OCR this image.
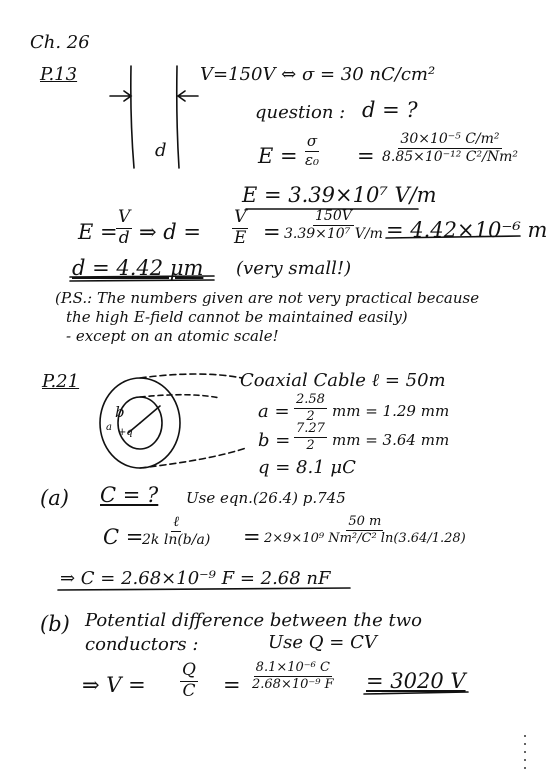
Ch. 26
P.13	V=150V ⇔ σ = 30 nC/cm²
d
question : d = ?
$E = \frac{\sigma}{\text{ε₀}} = \frac{\text{30×10⁻⁵ C/m²}}{\text{8.85×10⁻¹² C²/Nm²}}$
E = 3.39×10⁷ V/m
E =
$\frac{V}{d}$ ⇒ $d = \frac{V}{E} = \frac{150V}{\text{3.39×10⁷ V/m}} = 4.42\times 10^{-6}$ m
d = 4.42 μm (very small!)
(P.S.: The numbers given are not very practical because
the high E-field cannot be maintained easily)
- except on an atomic scale!
P.21	Coaxial Cable ℓ = 50m
b
a +q
$a = \frac{2.58}{2}$ mm = 1.29 mm
$b = \frac{7.27}{2}$ mm = 3.64 mm
q = 8.1 μC
(a) C = ? Use eqn.(26.4) p.745
C =
ℓ
2k $\ln(b/a) = \frac{50 m}{\text{2×9×10⁹ Nm²/C² ln(3.64/1.28)}}$
⇒ C = 2.68×10⁻⁹ F = 2.68 nF
(b) Potential difference between the two
conductors :	Use Q = CV
⇒ $V = \frac{Q}{C} = \frac{\text{8.1×10⁻⁶ C}}{\text{2.68×10⁻⁹ F}} = 3020$ V
